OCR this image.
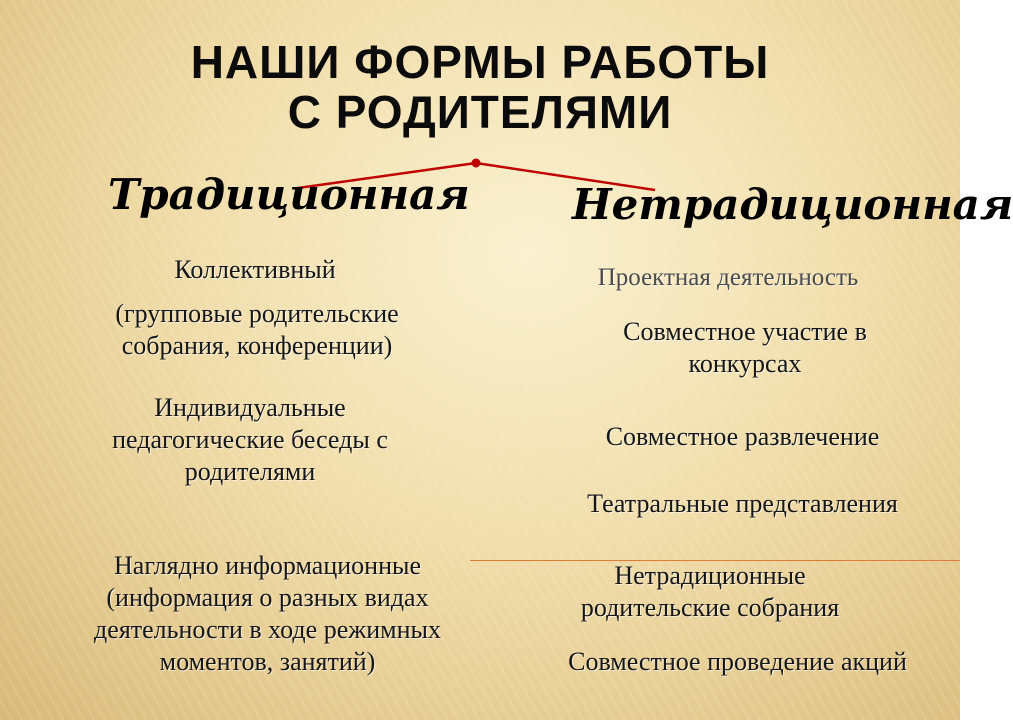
НАШИ ФОРМЫ РАБОТЫ
С РОДИТЕЛЯМИ
Традиционная Нетрадиционная
Коллективный
(групповые родительские собрания, конференции)
Индивидуальные педагогические беседы с родителями
Наглядно информационные (информация о разных видах деятельности в ходе режимных моментов, занятий)
Проектная деятельность
Совместное участие в конкурсах
Совместное развлечение
Театральные представления
Нетрадиционные родительские собрания
Совместное проведение акций
